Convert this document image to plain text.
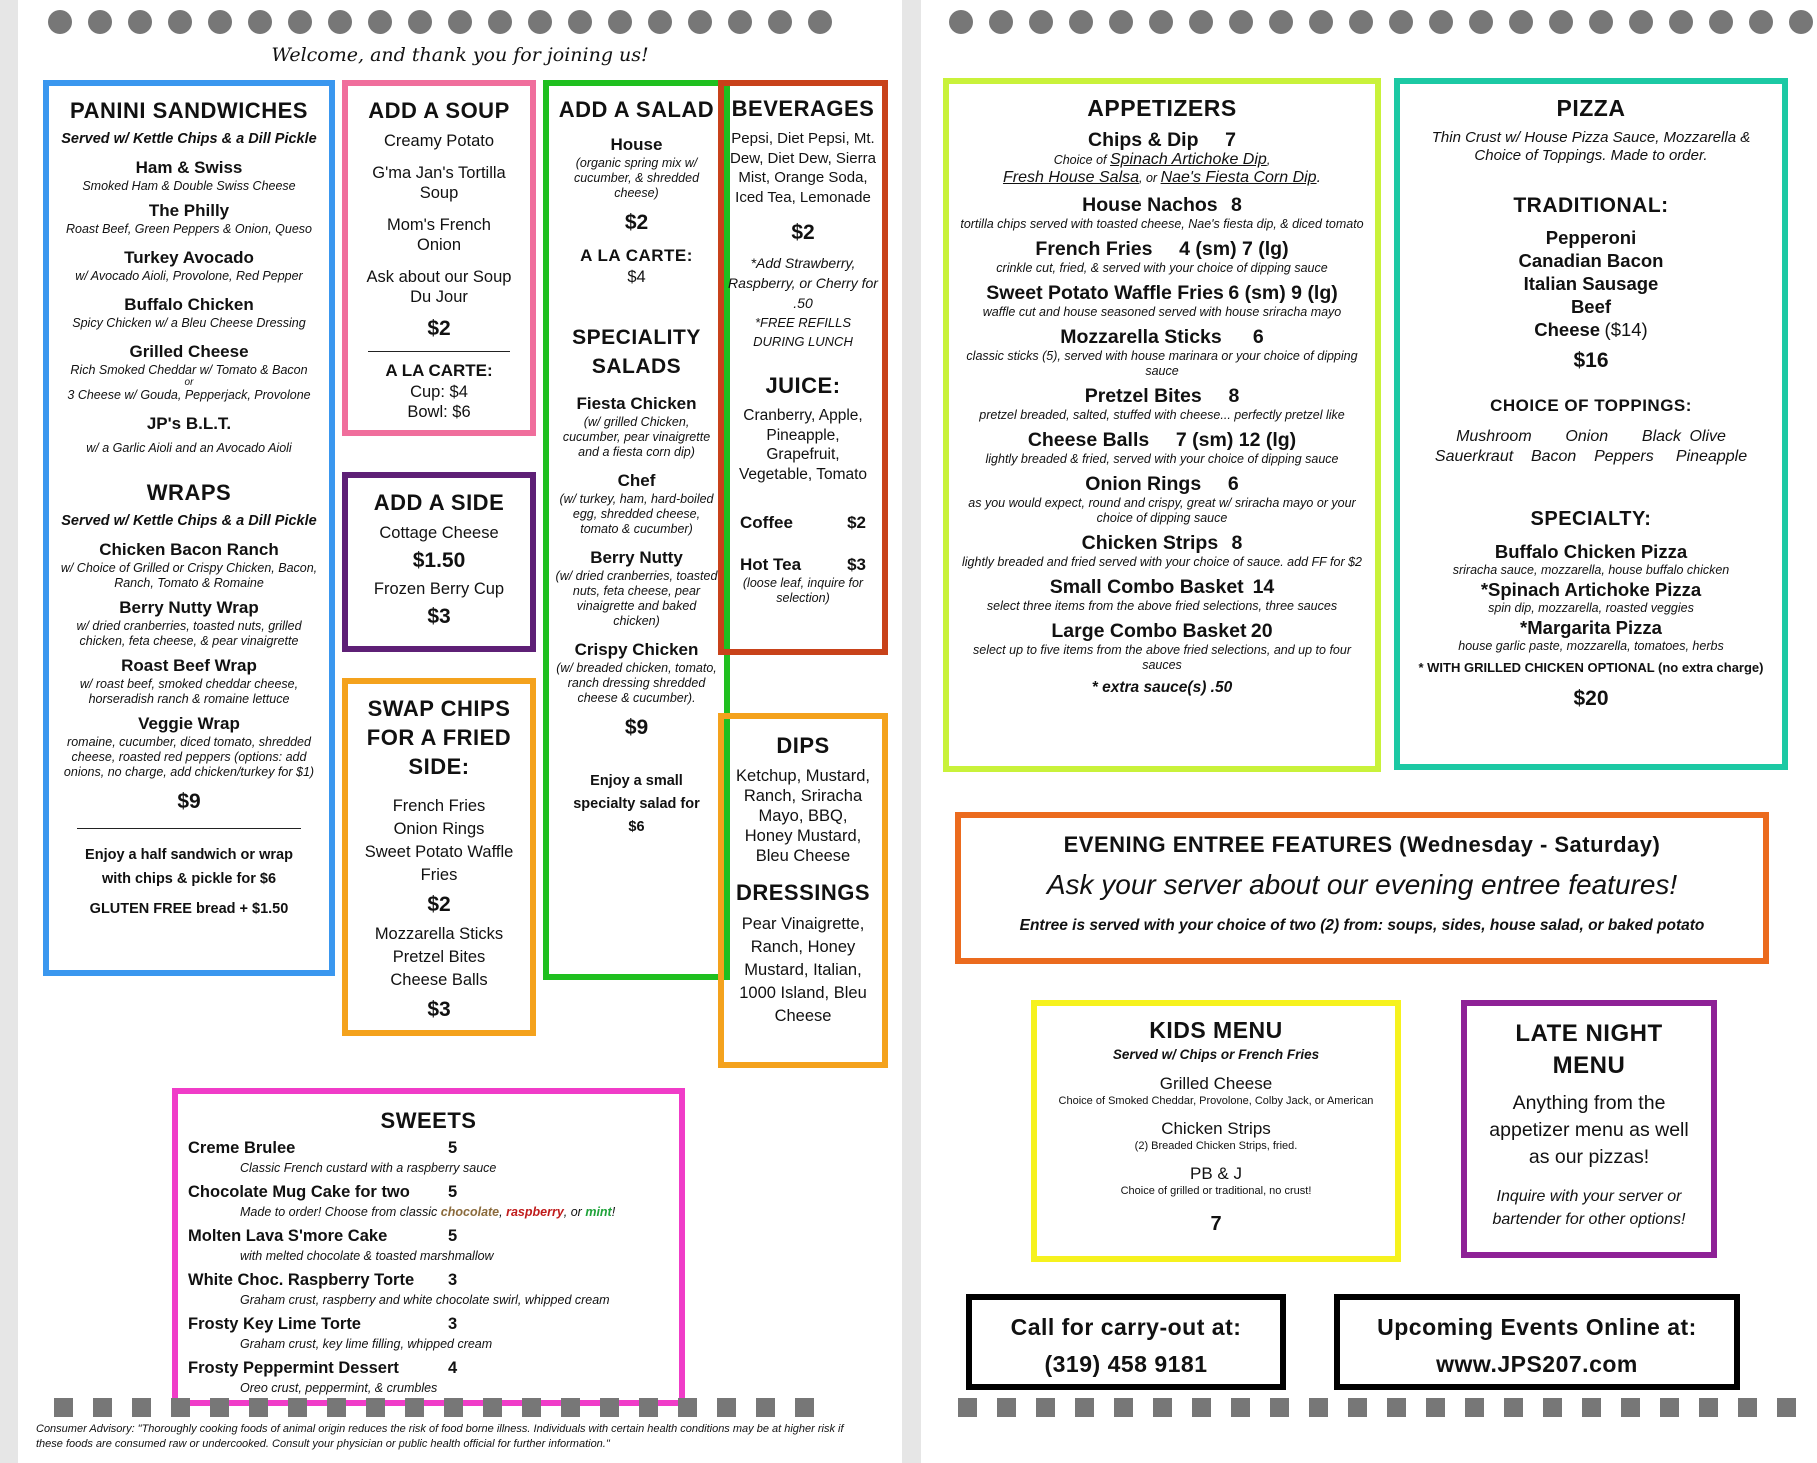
Welcome, and thank you for joining us!
PANINI SANDWICHES
Served w/ Kettle Chips & a Dill Pickle
Ham & Swiss
Smoked Ham & Double Swiss Cheese
The Philly
Roast Beef, Green Peppers & Onion, Queso
Turkey Avocado
w/ Avocado Aioli, Provolone, Red Pepper
Buffalo Chicken
Spicy Chicken w/ a Bleu Cheese Dressing
Grilled Cheese
Rich Smoked Cheddar w/ Tomato & Bacon
or
3 Cheese w/ Gouda, Pepperjack, Provolone
JP's B.L.T.
w/ a Garlic Aioli and an Avocado Aioli
WRAPS
Served w/ Kettle Chips & a Dill Pickle
Chicken Bacon Ranch
w/ Choice of Grilled or Crispy Chicken, Bacon, Ranch, Tomato & Romaine
Berry Nutty Wrap
w/ dried cranberries, toasted nuts, grilled chicken, feta cheese, & pear vinaigrette
Roast Beef Wrap
w/ roast beef, smoked cheddar cheese, horseradish ranch & romaine lettuce
Veggie Wrap
romaine, cucumber, diced tomato, shredded cheese, roasted red peppers (options: add onions, no charge, add chicken/turkey for $1)
$9
Enjoy a half sandwich or wrap with chips & pickle for $6
GLUTEN FREE bread + $1.50
ADD A SOUP
Creamy Potato
G'ma Jan's Tortilla Soup
Mom's French Onion
Ask about our Soup Du Jour
$2
A LA CARTE:
Cup: $4
Bowl: $6
ADD A SIDE
Cottage Cheese
$1.50
Frozen Berry Cup
$3
SWAP CHIPS FOR A FRIED SIDE:
French Fries
Onion Rings
Sweet Potato Waffle Fries
$2
Mozzarella Sticks
Pretzel Bites
Cheese Balls
$3
ADD A SALAD
House
(organic spring mix w/ cucumber, & shredded cheese)
$2
A LA CARTE:
$4
SPECIALITY SALADS
Fiesta Chicken
(w/ grilled Chicken, cucumber, pear vinaigrette and a fiesta corn dip)
Chef
(w/ turkey, ham, hard-boiled egg, shredded cheese, tomato & cucumber)
Berry Nutty
(w/ dried cranberries, toasted nuts, feta cheese, pear vinaigrette and baked chicken)
Crispy Chicken
(w/ breaded chicken, tomato, ranch dressing shredded cheese & cucumber).
$9
Enjoy a small specialty salad for $6
BEVERAGES
Pepsi, Diet Pepsi, Mt. Dew, Diet Dew, Sierra Mist, Orange Soda, Iced Tea, Lemonade
$2
*Add Strawberry, Raspberry, or Cherry for .50
*FREE REFILLS DURING LUNCH
JUICE:
Cranberry, Apple, Pineapple, Grapefruit, Vegetable, Tomato
Coffee	$2
Hot Tea	$3
(loose leaf, inquire for selection)
DIPS
Ketchup, Mustard, Ranch, Sriracha Mayo, BBQ, Honey Mustard, Bleu Cheese
DRESSINGS
Pear Vinaigrette, Ranch, Honey Mustard, Italian, 1000 Island, Bleu Cheese
SWEETS
Creme Brulee	5
Classic French custard with a raspberry sauce
Chocolate Mug Cake for two 5
Made to order! Choose from classic chocolate, raspberry, or mint!
Molten Lava S'more Cake	5
with melted chocolate & toasted marshmallow
White Choc. Raspberry Torte 3
Graham crust, raspberry and white chocolate swirl, whipped cream
Frosty Key Lime Torte	3
Graham crust, key lime filling, whipped cream
Frosty Peppermint Dessert	4
Oreo crust, peppermint, & crumbles
Consumer Advisory: "Thoroughly cooking foods of animal origin reduces the risk of food borne illness. Individuals with certain health conditions may be at higher risk if these foods are consumed raw or undercooked. Consult your physician or public health official for further information."
APPETIZERS
Chips & Dip 7
Choice of Spinach Artichoke Dip,
Fresh House Salsa, or Nae's Fiesta Corn Dip.
House Nachos 8
tortilla chips served with toasted cheese, Nae's fiesta dip, & diced tomato
French Fries 4 (sm) 7 (lg)
crinkle cut, fried, & served with your choice of dipping sauce
Sweet Potato Waffle Fries 6 (sm) 9 (lg)
waffle cut and house seasoned served with house sriracha mayo
Mozzarella Sticks 6
classic sticks (5), served with house marinara or your choice of dipping sauce
Pretzel Bites 8
pretzel breaded, salted, stuffed with cheese... perfectly pretzel like
Cheese Balls 7 (sm) 12 (lg)
lightly breaded & fried, served with your choice of dipping sauce
Onion Rings 6
as you would expect, round and crispy, great w/ sriracha mayo or your choice of dipping sauce
Chicken Strips 8
lightly breaded and fried served with your choice of sauce. add FF for $2
Small Combo Basket 14
select three items from the above fried selections, three sauces
Large Combo Basket 20
select up to five items from the above fried selections, and up to four sauces
* extra sauce(s) .50
PIZZA
Thin Crust w/ House Pizza Sauce, Mozzarella & Choice of Toppings. Made to order.
TRADITIONAL:
Pepperoni
Canadian Bacon
Italian Sausage
Beef
Cheese ($14)
$16
CHOICE OF TOPPINGS:
Mushroom Onion Black Olive
Sauerkraut Bacon Peppers Pineapple
SPECIALTY:
Buffalo Chicken Pizza
sriracha sauce, mozzarella, house buffalo chicken
*Spinach Artichoke Pizza
spin dip, mozzarella, roasted veggies
*Margarita Pizza
house garlic paste, mozzarella, tomatoes, herbs
* WITH GRILLED CHICKEN OPTIONAL (no extra charge)
$20
EVENING ENTREE FEATURES (Wednesday - Saturday)
Ask your server about our evening entree features!
Entree is served with your choice of two (2) from: soups, sides, house salad, or baked potato
KIDS MENU
Served w/ Chips or French Fries
Grilled Cheese
Choice of Smoked Cheddar, Provolone, Colby Jack, or American
Chicken Strips
(2) Breaded Chicken Strips, fried.
PB & J
Choice of grilled or traditional, no crust!
7
LATE NIGHT MENU
Anything from the appetizer menu as well as our pizzas!
Inquire with your server or bartender for other options!
Call for carry-out at:
(319) 458 9181
Upcoming Events Online at:
www.JPS207.com
